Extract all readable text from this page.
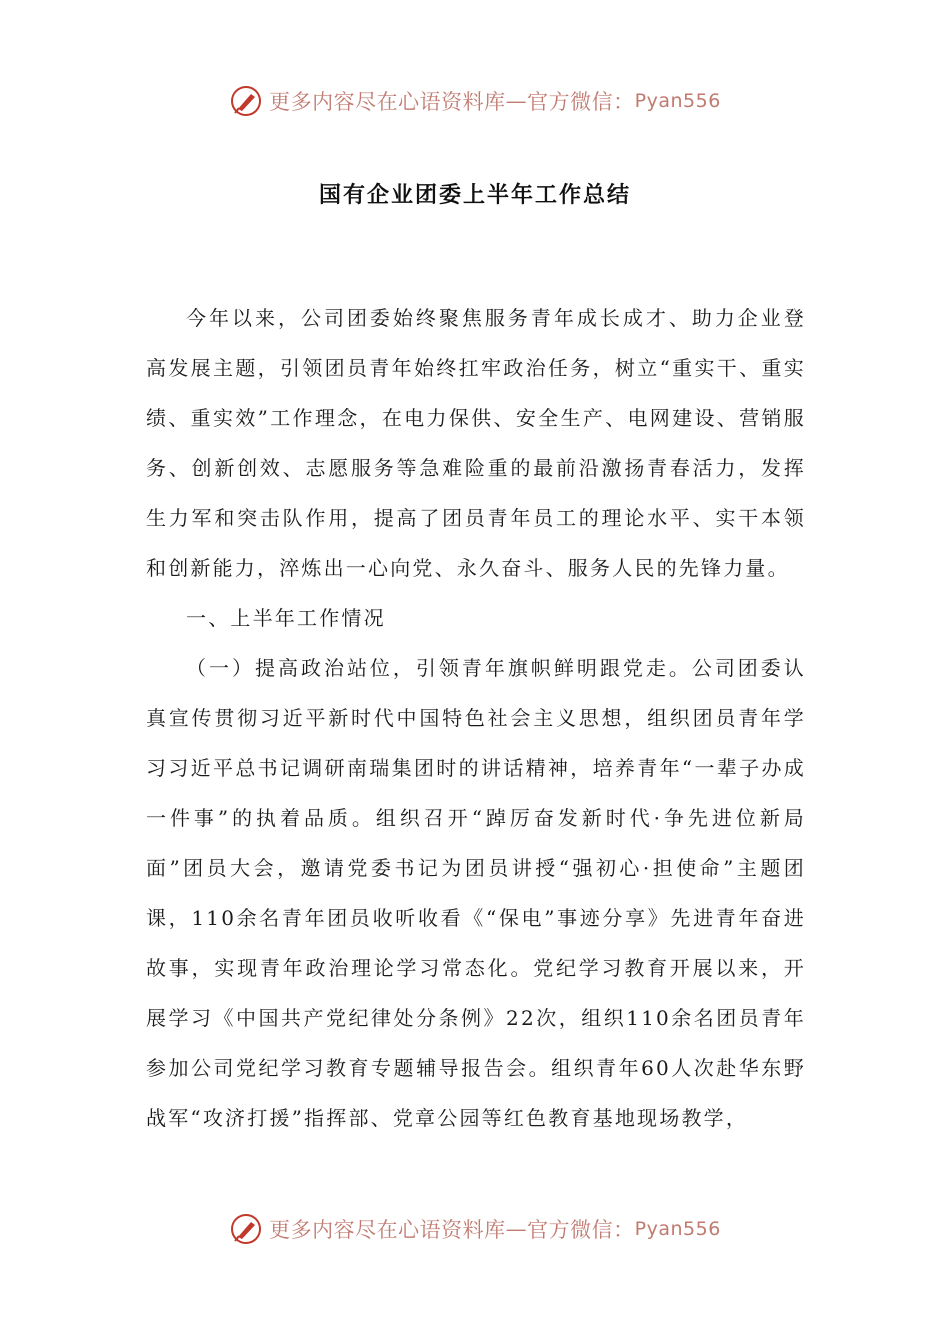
更多内容尽在心语资料库 — 官方微信： Pyan556
国有企业团委上半年工作总结

今年以来，公司团委始终聚焦服务青年成长成才、助力企业登高发展主题，引领团员青年始终扛牢政治任务，树立“重实干、重实绩、重实效”工作理念，在电力保供、安全生产、电网建设、营销服务、创新创效、志愿服务等急难险重的最前沿激扬青春活力，发挥生力军和突击队作用，提高了团员青年员工的理论水平、实干本领和创新能力，淬炼出一心向党、永久奋斗、服务人民的先锋力量。

一、上半年工作情况

（一）提高政治站位，引领青年旗帜鲜明跟党走。公司团委认真宣传贯彻习近平新时代中国特色社会主义思想，组织团员青年学习习近平总书记调研南瑞集团时的讲话精神，培养青年“一辈子办成一件事”的执着品质。组织召开“踔厉奋发新时代·争先进位新局面”团员大会，邀请党委书记为团员讲授“强初心·担使命”主题团课，110余名青年团员收听收看《“保电”事迹分享》先进青年奋进故事，实现青年政治理论学习常态化。党纪学习教育开展以来，开展学习《中国共产党纪律处分条例》22次，组织110余名团员青年参加公司党纪学习教育专题辅导报告会。组织青年60人次赴华东野战军“攻济打援”指挥部、党章公园等红色教育基地现场教学，

更多内容尽在心语资料库 — 官方微信： Pyan556
